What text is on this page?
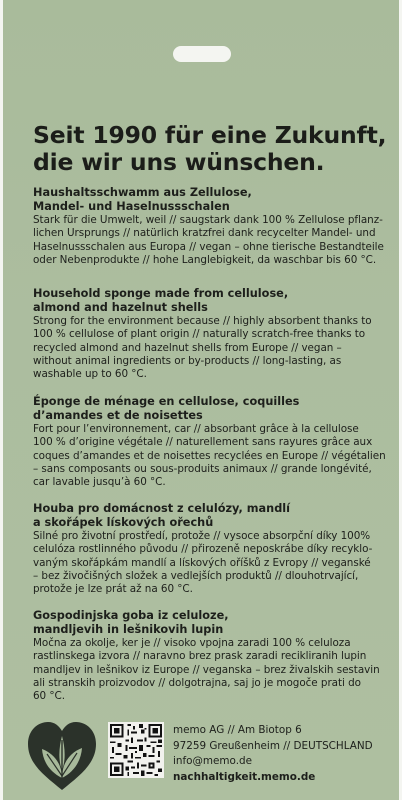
Seit 1990 für eine Zukunft,
die wir uns wünschen.

Haushaltsschwamm aus Zellulose,
Mandel- und Haselnussschalen

Stark für die Umwelt, weil // saugstark dank 100 % Zellulose pflanz-
lichen Ursprungs // natürlich kratzfrei dank recycelter Mandel- und
Haselnussschalen aus Europa // vegan – ohne tierische Bestandteile
oder Nebenprodukte // hohe Langlebigkeit, da waschbar bis 60 °C.

Household sponge made from cellulose,
almond and hazelnut shells

Strong for the environment because // highly absorbent thanks to
100 % cellulose of plant origin // naturally scratch-free thanks to
recycled almond and hazelnut shells from Europe // vegan –
without animal ingredients or by-products // long-lasting, as
washable up to 60 °C.

Éponge de ménage en cellulose, coquilles
d’amandes et de noisettes

Fort pour l’environnement, car // absorbant grâce à la cellulose
100 % d’origine végétale // naturellement sans rayures grâce aux
coques d’amandes et de noisettes recyclées en Europe // végétalien
– sans composants ou sous-produits animaux // grande longévité,
car lavable jusqu’à 60 °C.

Houba pro domácnost z celulózy, mandlí
a skořápek lískových ořechů

Silné pro životní prostředí, protože // vysoce absorpční díky 100%
celulóza rostlinného původu // přirozeně neposkrábe díky recyklo-
vaným skořápkám mandlí a lískových oříšků z Evropy // veganské
– bez živočišných složek a vedlejších produktů // dlouhotrvající,
protože je lze prát až na 60 °C.

Gospodinjska goba iz celuloze,
mandljevih in lešnikovih lupin

Močna za okolje, ker je // visoko vpojna zaradi 100 % celuloza
rastlinskega izvora // naravno brez prask zaradi recikliranih lupin
mandljev in lešnikov iz Europe // veganska – brez živalskih sestavin
ali stranskih proizvodov // dolgotrajna, saj jo je mogoče prati do
60 °C.

memo AG // Am Biotop 6
97259 Greußenheim // DEUTSCHLAND
info@memo.de
nachhaltigkeit.memo.de
